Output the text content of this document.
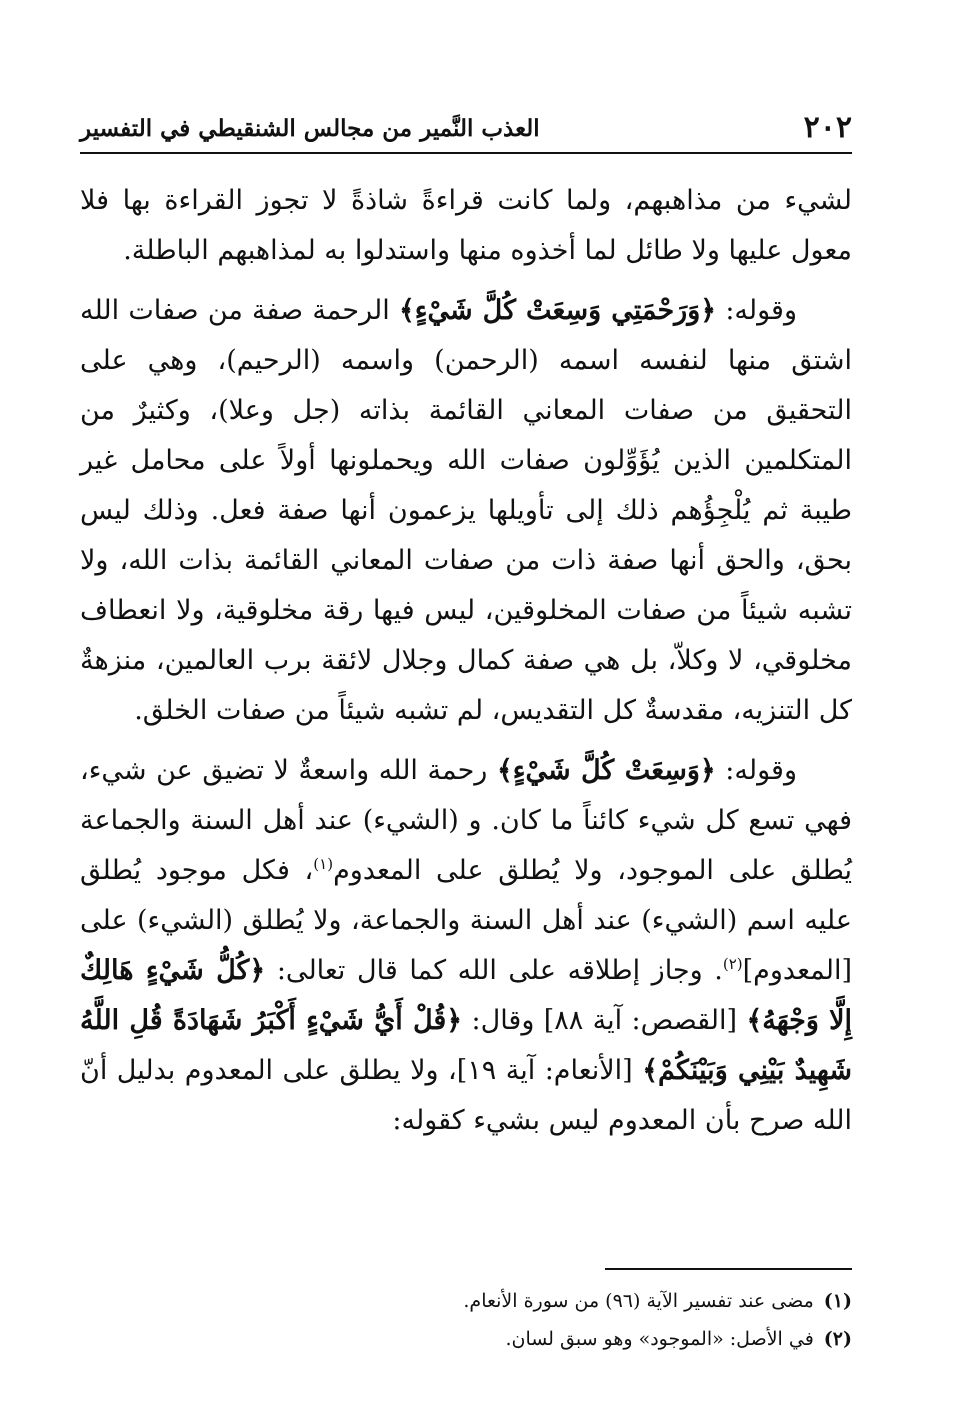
٢٠٢
العذب النَّمير من مجالس الشنقيطي في التفسير

لشيء من مذاهبهم، ولما كانت قراءةً شاذةً لا تجوز القراءة بها فلا معول عليها ولا طائل لما أخذوه منها واستدلوا به لمذاهبهم الباطلة.

وقوله: ﴿وَرَحْمَتِي وَسِعَتْ كُلَّ شَيْءٍ﴾ الرحمة صفة من صفات الله اشتق منها لنفسه اسمه (الرحمن) واسمه (الرحيم)، وهي على التحقيق من صفات المعاني القائمة بذاته (جل وعلا)، وكثيرٌ من المتكلمين الذين يُؤَوِّلون صفات الله ويحملونها أولاً على محامل غير طيبة ثم يُلْجِؤُهم ذلك إلى تأويلها يزعمون أنها صفة فعل. وذلك ليس بحق، والحق أنها صفة ذات من صفات المعاني القائمة بذات الله، ولا تشبه شيئاً من صفات المخلوقين، ليس فيها رقة مخلوقية، ولا انعطاف مخلوقي، لا وكلاّ، بل هي صفة كمال وجلال لائقة برب العالمين، منزهةٌ كل التنزيه، مقدسةٌ كل التقديس، لم تشبه شيئاً من صفات الخلق.

وقوله: ﴿وَسِعَتْ كُلَّ شَيْءٍ﴾ رحمة الله واسعةٌ لا تضيق عن شيء، فهي تسع كل شيء كائناً ما كان. و (الشيء) عند أهل السنة والجماعة يُطلق على الموجود، ولا يُطلق على المعدوم$^{(١)}$، فكل موجود يُطلق عليه اسم (الشيء) عند أهل السنة والجماعة، ولا يُطلق (الشيء) على [المعدوم]$^{(٢)}$. وجاز إطلاقه على الله كما قال تعالى: ﴿كُلُّ شَيْءٍ هَالِكٌ إِلَّا وَجْهَهُ﴾ [القصص: آية ٨٨] وقال: ﴿قُلْ أَيُّ شَيْءٍ أَكْبَرُ شَهَادَةً قُلِ اللَّهُ شَهِيدٌ بَيْنِي وَبَيْنَكُمْ﴾ [الأنعام: آية ١٩]، ولا يطلق على المعدوم بدليل أنّ الله صرح بأن المعدوم ليس بشيء كقوله:

(١)مضى عند تفسير الآية (٩٦) من سورة الأنعام.

(٢)في الأصل: «الموجود» وهو سبق لسان.
